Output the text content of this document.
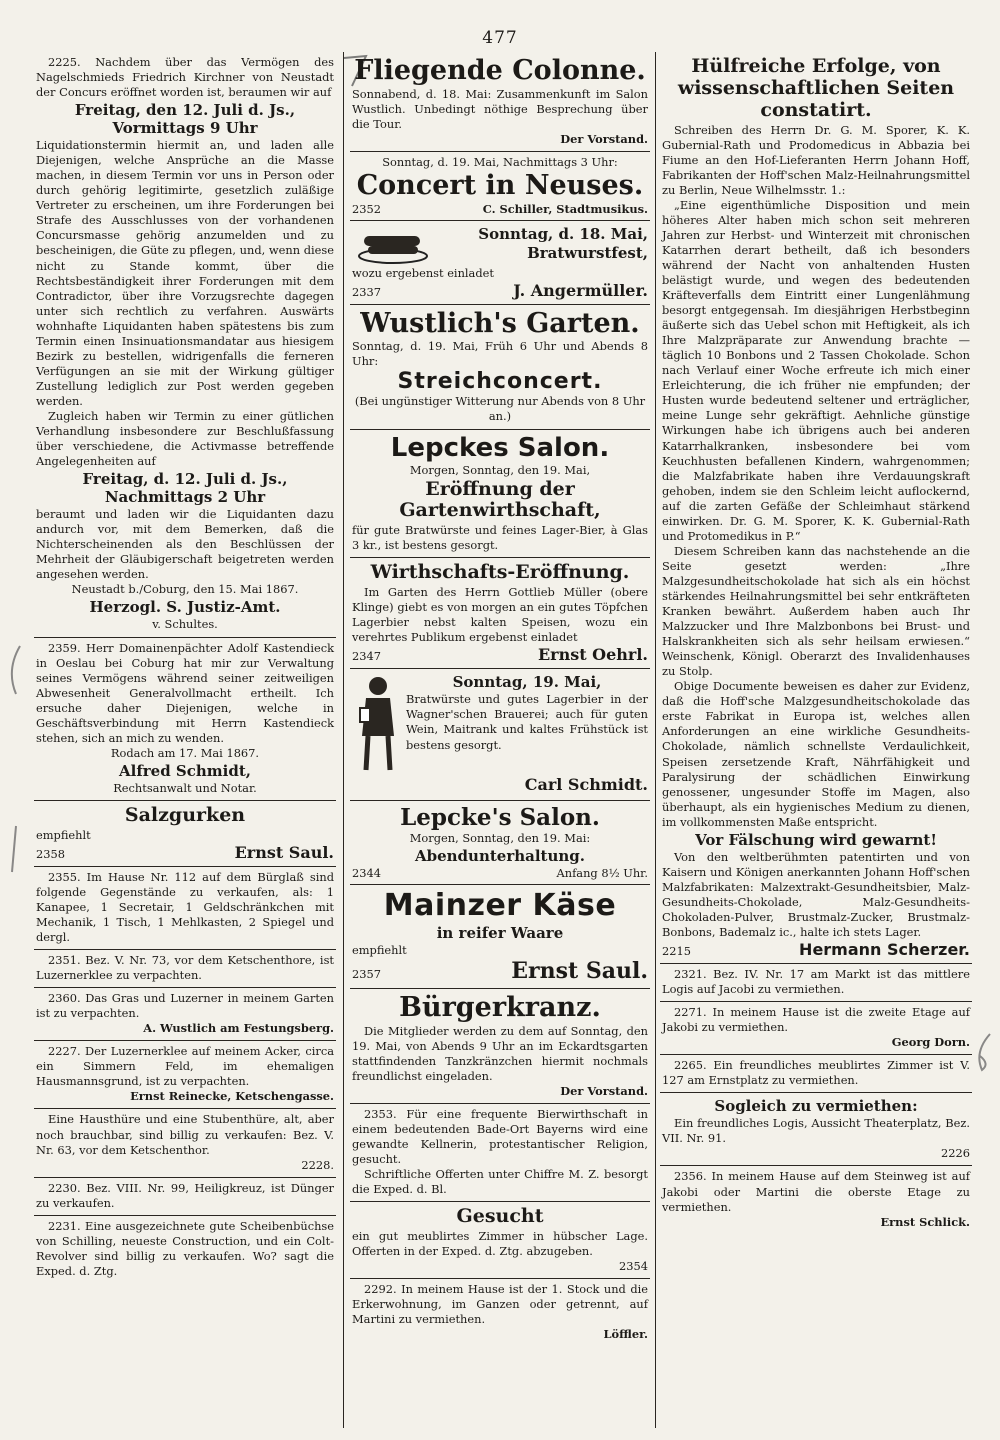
477

2225. Nachdem über das Vermögen des Nagelschmieds Friedrich Kirchner von Neustadt der Concurs eröffnet worden ist, beraumen wir auf

Freitag, den 12. Juli d. Js., Vormittags 9 Uhr

Liquidationstermin hiermit an, und laden alle Diejenigen, welche Ansprüche an die Masse machen, in diesem Termin vor uns in Person oder durch gehörig legitimirte, gesetzlich zuläßige Vertreter zu erscheinen, um ihre Forderungen bei Strafe des Ausschlusses von der vorhandenen Concursmasse gehörig anzumelden und zu bescheinigen, die Güte zu pflegen, und, wenn diese nicht zu Stande kommt, über die Rechtsbeständigkeit ihrer Forderungen mit dem Contradictor, über ihre Vorzugsrechte dagegen unter sich rechtlich zu verfahren. Auswärts wohnhafte Liquidanten haben spätestens bis zum Termin einen Insinuationsmandatar aus hiesigem Bezirk zu bestellen, widrigenfalls die ferneren Verfügungen an sie mit der Wirkung gültiger Zustellung lediglich zur Post werden gegeben werden.

Zugleich haben wir Termin zu einer gütlichen Verhandlung insbesondere zur Beschlußfassung über verschiedene, die Activmasse betreffende Angelegenheiten auf

Freitag, d. 12. Juli d. Js., Nachmittags 2 Uhr

beraumt und laden wir die Liquidanten dazu andurch vor, mit dem Bemerken, daß die Nichterscheinenden als den Beschlüssen der Mehrheit der Gläubigerschaft beigetreten werden angesehen werden.

Neustadt b./Coburg, den 15. Mai 1867.

Herzogl. S. Justiz-Amt.

v. Schultes.

2359. Herr Domainenpächter Adolf Kastendieck in Oeslau bei Coburg hat mir zur Verwaltung seines Vermögens während seiner zeitweiligen Abwesenheit Generalvollmacht ertheilt. Ich ersuche daher Diejenigen, welche in Geschäftsverbindung mit Herrn Kastendieck stehen, sich an mich zu wenden.

Rodach am 17. Mai 1867.

Alfred Schmidt,

Rechtsanwalt und Notar.

Salzgurken

empfiehlt

2358	Ernst Saul.

2355. Im Hause Nr. 112 auf dem Bürglaß sind folgende Gegenstände zu verkaufen, als: 1 Kanapee, 1 Secretair, 1 Geldschränkchen mit Mechanik, 1 Tisch, 1 Mehlkasten, 2 Spiegel und dergl.

2351. Bez. V. Nr. 73, vor dem Ketschenthore, ist Luzernerklee zu verpachten.

2360. Das Gras und Luzerner in meinem Garten ist zu verpachten.

A. Wustlich am Festungsberg.

2227. Der Luzernerklee auf meinem Acker, circa ein Simmern Feld, im ehemaligen Hausmannsgrund, ist zu verpachten.

Ernst Reinecke, Ketschengasse.

Eine Hausthüre und eine Stubenthüre, alt, aber noch brauchbar, sind billig zu verkaufen: Bez. V. Nr. 63, vor dem Ketschenthor.

2228.

2230. Bez. VIII. Nr. 99, Heiligkreuz, ist Dünger zu verkaufen.

2231. Eine ausgezeichnete gute Scheibenbüchse von Schilling, neueste Construction, und ein Colt-Revolver sind billig zu verkaufen. Wo? sagt die Exped. d. Ztg.

Fliegende Colonne.

Sonnabend, d. 18. Mai: Zusammenkunft im Salon Wustlich. Unbedingt nöthige Besprechung über die Tour.

Der Vorstand.

Sonntag, d. 19. Mai, Nachmittags 3 Uhr:

Concert in Neuses.

2352	C. Schiller, Stadtmusikus.

Sonntag, d. 18. Mai,

Bratwurstfest,

wozu ergebenst einladet

2337	J. Angermüller.

Wustlich's Garten.

Sonntag, d. 19. Mai, Früh 6 Uhr und Abends 8 Uhr:

Streichconcert.

(Bei ungünstiger Witterung nur Abends von 8 Uhr an.)

Lepckes Salon.

Morgen, Sonntag, den 19. Mai,

Eröffnung der Gartenwirthschaft,

für gute Bratwürste und feines Lager-Bier, à Glas 3 kr., ist bestens gesorgt.

Wirthschafts-Eröffnung.

Im Garten des Herrn Gottlieb Müller (obere Klinge) giebt es von morgen an ein gutes Töpfchen Lagerbier nebst kalten Speisen, wozu ein verehrtes Publikum ergebenst einladet

2347	Ernst Oehrl.

Sonntag, 19. Mai,

Bratwürste und gutes Lagerbier in der Wagner'schen Brauerei; auch für guten Wein, Maitrank und kaltes Frühstück ist bestens gesorgt.

Carl Schmidt.

Lepcke's Salon.

Morgen, Sonntag, den 19. Mai:

Abendunterhaltung.

2344	Anfang 8½ Uhr.

Mainzer Käse

in reifer Waare

empfiehlt

2357	Ernst Saul.

Bürgerkranz.

Die Mitglieder werden zu dem auf Sonntag, den 19. Mai, von Abends 9 Uhr an im Eckardtsgarten stattfindenden Tanzkränzchen hiermit nochmals freundlichst eingeladen.

Der Vorstand.

2353. Für eine frequente Bierwirthschaft in einem bedeutenden Bade-Ort Bayerns wird eine gewandte Kellnerin, protestantischer Religion, gesucht.

Schriftliche Offerten unter Chiffre M. Z. besorgt die Exped. d. Bl.

Gesucht

ein gut meublirtes Zimmer in hübscher Lage. Offerten in der Exped. d. Ztg. abzugeben.

2354

2292. In meinem Hause ist der 1. Stock und die Erkerwohnung, im Ganzen oder getrennt, auf Martini zu vermiethen.

Löffler.

Hülfreiche Erfolge, von wissenschaftlichen Seiten constatirt.

Schreiben des Herrn Dr. G. M. Sporer, K. K. Gubernial-Rath und Prodomedicus in Abbazia bei Fiume an den Hof-Lieferanten Herrn Johann Hoff, Fabrikanten der Hoff'schen Malz-Heilnahrungsmittel zu Berlin, Neue Wilhelmsstr. 1.:

„Eine eigenthümliche Disposition und mein höheres Alter haben mich schon seit mehreren Jahren zur Herbst- und Winterzeit mit chronischen Katarrhen derart betheilt, daß ich besonders während der Nacht von anhaltenden Husten belästigt wurde, und wegen des bedeutenden Kräfteverfalls dem Eintritt einer Lungenlähmung besorgt entgegensah. Im diesjährigen Herbstbeginn äußerte sich das Uebel schon mit Heftigkeit, als ich Ihre Malzpräparate zur Anwendung brachte — täglich 10 Bonbons und 2 Tassen Chokolade. Schon nach Verlauf einer Woche erfreute ich mich einer Erleichterung, die ich früher nie empfunden; der Husten wurde bedeutend seltener und erträglicher, meine Lunge sehr gekräftigt. Aehnliche günstige Wirkungen habe ich übrigens auch bei anderen Katarrhalkranken, insbesondere bei vom Keuchhusten befallenen Kindern, wahrgenommen; die Malzfabrikate haben ihre Verdauungskraft gehoben, indem sie den Schleim leicht auflockernd, auf die zarten Gefäße der Schleimhaut stärkend einwirken. Dr. G. M. Sporer, K. K. Gubernial-Rath und Protomedikus in P.“

Diesem Schreiben kann das nachstehende an die Seite gesetzt werden: „Ihre Malzgesundheitschokolade hat sich als ein höchst stärkendes Heilnahrungsmittel bei sehr entkräfteten Kranken bewährt. Außerdem haben auch Ihr Malzzucker und Ihre Malzbonbons bei Brust- und Halskrankheiten sich als sehr heilsam erwiesen.“ Weinschenk, Königl. Oberarzt des Invalidenhauses zu Stolp.

Obige Documente beweisen es daher zur Evidenz, daß die Hoff'sche Malzgesundheitschokolade das erste Fabrikat in Europa ist, welches allen Anforderungen an eine wirkliche Gesundheits-Chokolade, nämlich schnellste Verdaulichkeit, Speisen zersetzende Kraft, Nährfähigkeit und Paralysirung der schädlichen Einwirkung genossener, ungesunder Stoffe im Magen, also überhaupt, als ein hygienisches Medium zu dienen, im vollkommensten Maße entspricht.

Vor Fälschung wird gewarnt!

Von den weltberühmten patentirten und von Kaisern und Königen anerkannten Johann Hoff'schen Malzfabrikaten: Malzextrakt-Gesundheitsbier, Malz-Gesundheits-Chokolade, Malz-Gesundheits-Chokoladen-Pulver, Brustmalz-Zucker, Brustmalz-Bonbons, Bademalz ic., halte ich stets Lager.

2215	Hermann Scherzer.

2321. Bez. IV. Nr. 17 am Markt ist das mittlere Logis auf Jacobi zu vermiethen.

2271. In meinem Hause ist die zweite Etage auf Jakobi zu vermiethen.

Georg Dorn.

2265. Ein freundliches meublirtes Zimmer ist V. 127 am Ernstplatz zu vermiethen.

Sogleich zu vermiethen:

Ein freundliches Logis, Aussicht Theaterplatz, Bez. VII. Nr. 91.

2226

2356. In meinem Hause auf dem Steinweg ist auf Jakobi oder Martini die oberste Etage zu vermiethen.

Ernst Schlick.
